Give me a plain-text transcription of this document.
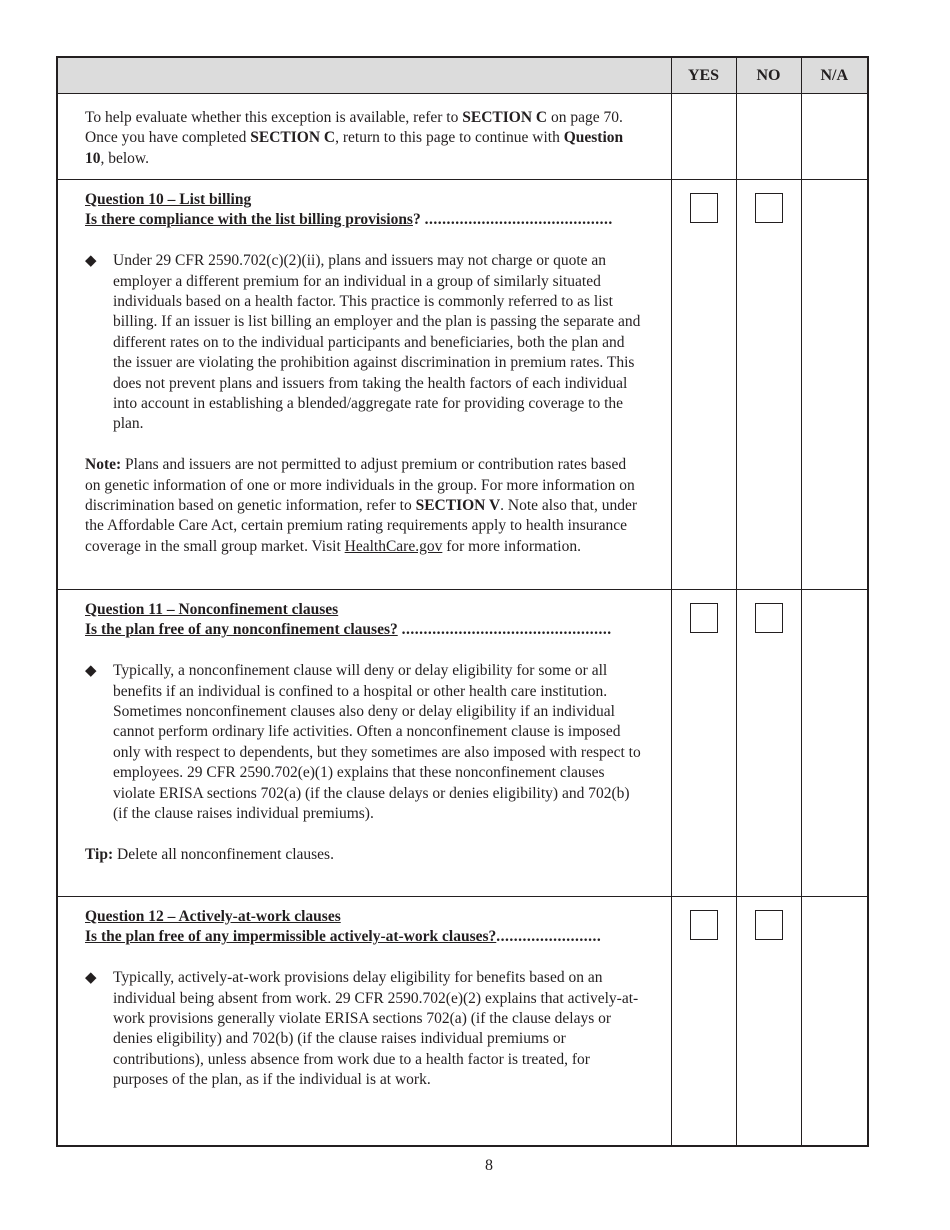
	YES	NO	N/A
To help evaluate whether this exception is available, refer to SECTION C on page 70. Once you have completed SECTION C, return to this page to continue with Question 10, below.			

Question 10 – List billing
Is there compliance with the list billing provisions? ...........................................
◆ Under 29 CFR 2590.702(c)(2)(ii), plans and issuers may not charge or quote an employer a different premium for an individual in a group of similarly situated individuals based on a health factor. This practice is commonly referred to as list billing. If an issuer is list billing an employer and the plan is passing the separate and different rates on to the individual participants and beneficiaries, both the plan and the issuer are violating the prohibition against discrimination in premium rates. This does not prevent plans and issuers from taking the health factors of each individual into account in establishing a blended/aggregate rate for providing coverage to the plan.
Note: Plans and issuers are not permitted to adjust premium or contribution rates based on genetic information of one or more individuals in the group. For more information on discrimination based on genetic information, refer to SECTION V. Note also that, under the Affordable Care Act, certain premium rating requirements apply to health insurance coverage in the small group market. Visit HealthCare.gov for more information.			

Question 11 – Nonconfinement clauses
Is the plan free of any nonconfinement clauses? ................................................
◆ Typically, a nonconfinement clause will deny or delay eligibility for some or all benefits if an individual is confined to a hospital or other health care institution. Sometimes nonconfinement clauses also deny or delay eligibility if an individual cannot perform ordinary life activities. Often a nonconfinement clause is imposed only with respect to dependents, but they sometimes are also imposed with respect to employees. 29 CFR 2590.702(e)(1) explains that these nonconfinement clauses violate ERISA sections 702(a) (if the clause delays or denies eligibility) and 702(b) (if the clause raises individual premiums).
Tip: Delete all nonconfinement clauses.			

Question 12 – Actively-at-work clauses
Is the plan free of any impermissible actively-at-work clauses?........................
◆ Typically, actively-at-work provisions delay eligibility for benefits based on an individual being absent from work. 29 CFR 2590.702(e)(2) explains that actively-at-work provisions generally violate ERISA sections 702(a) (if the clause delays or denies eligibility) and 702(b) (if the clause raises individual premiums or contributions), unless absence from work due to a health factor is treated, for purposes of the plan, as if the individual is at work.			

8
